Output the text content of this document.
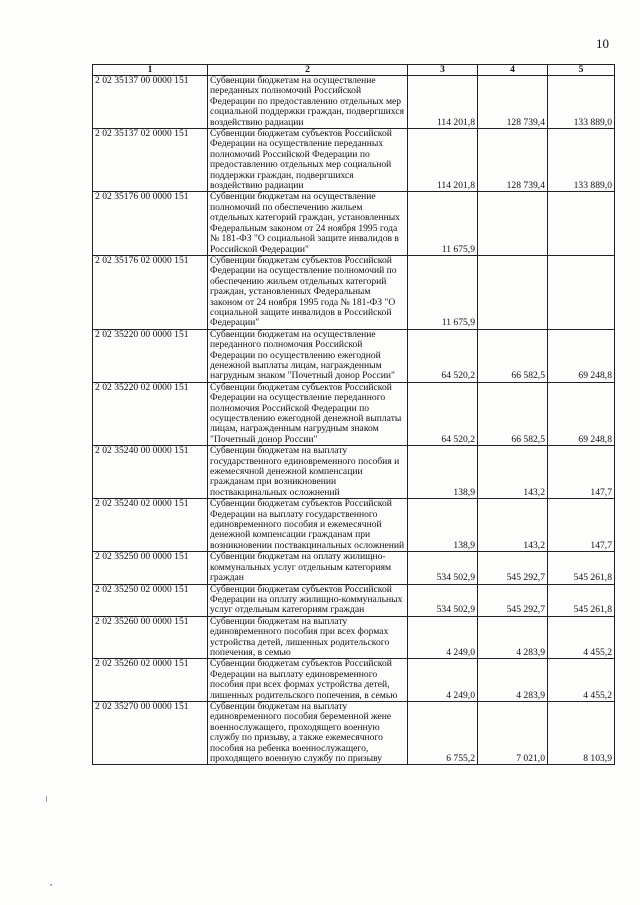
10
1	2	3	4	5
2 02 35137 00 0000 151	Субвенции бюджетам на осуществление переданных полномочий Российской Федерации по предоставлению отдельных мер социальной поддержки граждан, подвергшихся воздействию радиации	114 201,8	128 739,4	133 889,0
2 02 35137 02 0000 151	Субвенции бюджетам субъектов Российской Федерации на осуществление переданных полномочий Российской Федерации по предоставлению отдельных мер социальной поддержки граждан, подвергшихся воздействию радиации	114 201,8	128 739,4	133 889,0
2 02 35176 00 0000 151	Субвенции бюджетам на осуществление полномочий по обеспечению жильем отдельных категорий граждан, установленных Федеральным законом от 24 ноября 1995 года № 181-ФЗ "О социальной защите инвалидов в Российской Федерации"	11 675,9		
2 02 35176 02 0000 151	Субвенции бюджетам субъектов Российской Федерации на осуществление полномочий по обеспечению жильем отдельных категорий граждан, установленных Федеральным законом от 24 ноября 1995 года № 181-ФЗ "О социальной защите инвалидов в Российской Федерации"	11 675,9		
2 02 35220 00 0000 151	Субвенции бюджетам на осуществление переданного полномочия Российской Федерации по осуществлению ежегодной денежной выплаты лицам, награжденным нагрудным знаком "Почетный донор России"	64 520,2	66 582,5	69 248,8
2 02 35220 02 0000 151	Субвенции бюджетам субъектов Российской Федерации на осуществление переданного полномочия Российской Федерации по осуществлению ежегодной денежной выплаты лицам, награжденным нагрудным знаком "Почетный донор России"	64 520,2	66 582,5	69 248,8
2 02 35240 00 0000 151	Субвенции бюджетам на выплату государственного единовременного пособия и ежемесячной денежной компенсации гражданам при возникновении поствакцинальных осложнений	138,9	143,2	147,7
2 02 35240 02 0000 151	Субвенции бюджетам субъектов Российской Федерации на выплату государственного единовременного пособия и ежемесячной денежной компенсации гражданам при возникновении поствакцинальных осложнений	138,9	143,2	147,7
2 02 35250 00 0000 151	Субвенции бюджетам на оплату жилищно-коммунальных услуг отдельным категориям граждан	534 502,9	545 292,7	545 261,8
2 02 35250 02 0000 151	Субвенции бюджетам субъектов Российской Федерации на оплату жилищно-коммунальных услуг отдельным категориям граждан	534 502,9	545 292,7	545 261,8
2 02 35260 00 0000 151	Субвенции бюджетам на выплату единовременного пособия при всех формах устройства детей, лишенных родительского попечения, в семью	4 249,0	4 283,9	4 455,2
2 02 35260 02 0000 151	Субвенции бюджетам субъектов Российской Федерации на выплату единовременного пособия при всех формах устройства детей, лишенных родительского попечения, в семью	4 249,0	4 283,9	4 455,2
2 02 35270 00 0000 151	Субвенции бюджетам на выплату единовременного пособия беременной жене военнослужащего, проходящего военную службу по призыву, а также ежемесячного пособия на ребенка военнослужащего, проходящего военную службу по призыву	6 755,2	7 021,0	8 103,9
